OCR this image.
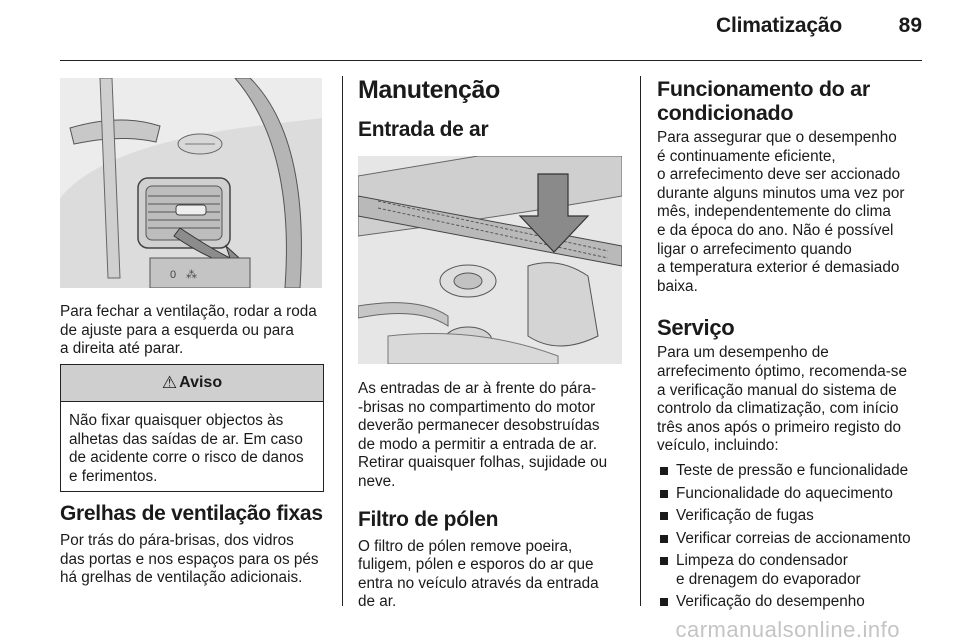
Climatização	89
0 ⁂

Para fechar a ventilação, rodar a roda
de ajuste para a esquerda ou para
a direita até parar.

⚠ Aviso

Não fixar quaisquer objectos às
alhetas das saídas de ar. Em caso
de acidente corre o risco de danos
e ferimentos.

Grelhas de ventilação fixas

Por trás do pára-brisas, dos vidros
das portas e nos espaços para os pés
há grelhas de ventilação adicionais.

Manutenção
Entrada de ar

As entradas de ar à frente do pára-
-brisas no compartimento do motor
deverão permanecer desobstruídas
de modo a permitir a entrada de ar.
Retirar quaisquer folhas, sujidade ou
neve.

Filtro de pólen

O filtro de pólen remove poeira,
fuligem, pólen e esporos do ar que
entra no veículo através da entrada
de ar.

Funcionamento do ar
condicionado

Para assegurar que o desempenho
é continuamente eficiente,
o arrefecimento deve ser accionado
durante alguns minutos uma vez por
mês, independentemente do clima
e da época do ano. Não é possível
ligar o arrefecimento quando
a temperatura exterior é demasiado
baixa.

Serviço

Para um desempenho de
arrefecimento óptimo, recomenda-se
a verificação manual do sistema de
controlo da climatização, com início
três anos após o primeiro registo do
veículo, incluindo:

Teste de pressão e funcionalidade
Funcionalidade do aquecimento
Verificação de fugas
Verificar correias de accionamento
Limpeza do condensador
e drenagem do evaporador
Verificação do desempenho
carmanualsonline.info
